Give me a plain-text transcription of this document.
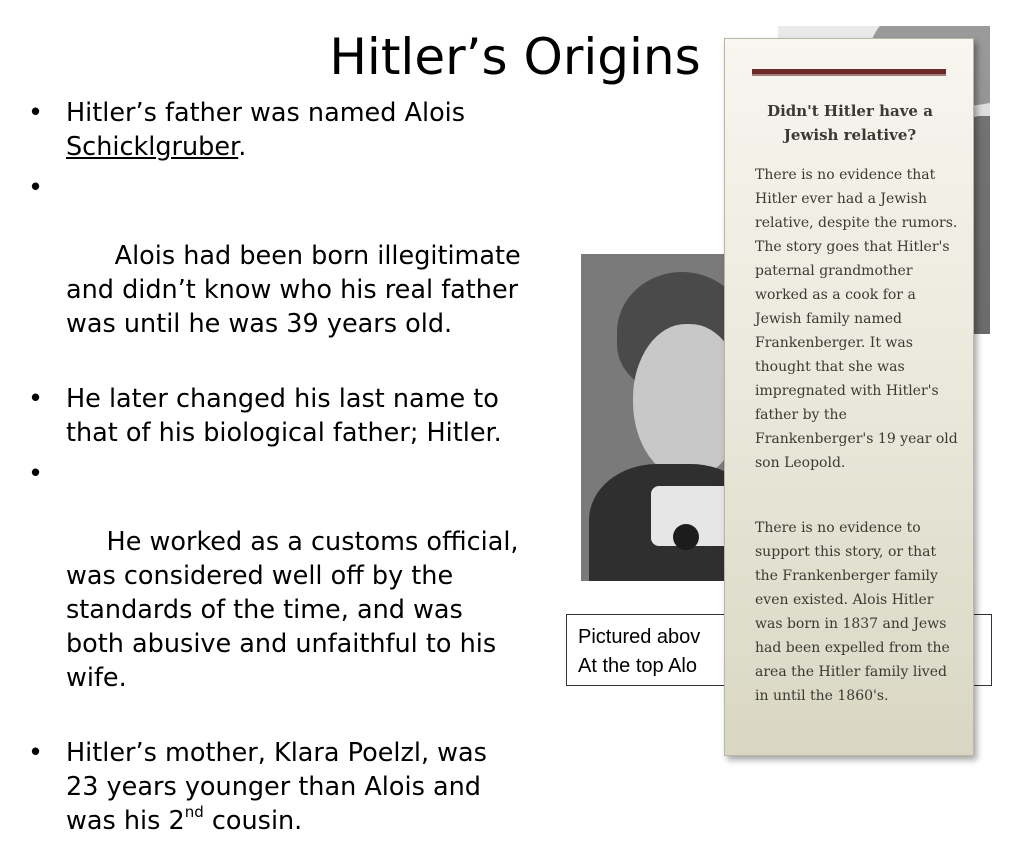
Hitler’s Origins
• Hitler’s father was named Alois Schicklgruber.

•

Alois had been born illegitimate and didn’t know who his real father was until he was 39 years old.

• He later changed his last name to that of his biological father; Hitler.

•

He worked as a customs official, was considered well off by the standards of the time, and was both abusive and unfaithful to his wife.

• Hitler’s mother, Klara Poelzl, was 23 years younger than Alois and was his 2nd cousin.
Pictured abov
At the top Alo
Didn't Hitler have a Jewish relative?

There is no evidence that Hitler ever had a Jewish relative, despite the rumors. The story goes that Hitler's paternal grandmother worked as a cook for a Jewish family named Frankenberger. It was thought that she was impregnated with Hitler's father by the Frankenberger's 19 year old son Leopold.

There is no evidence to support this story, or that the Frankenberger family even existed. Alois Hitler was born in 1837 and Jews had been expelled from the area the Hitler family lived in until the 1860's.
